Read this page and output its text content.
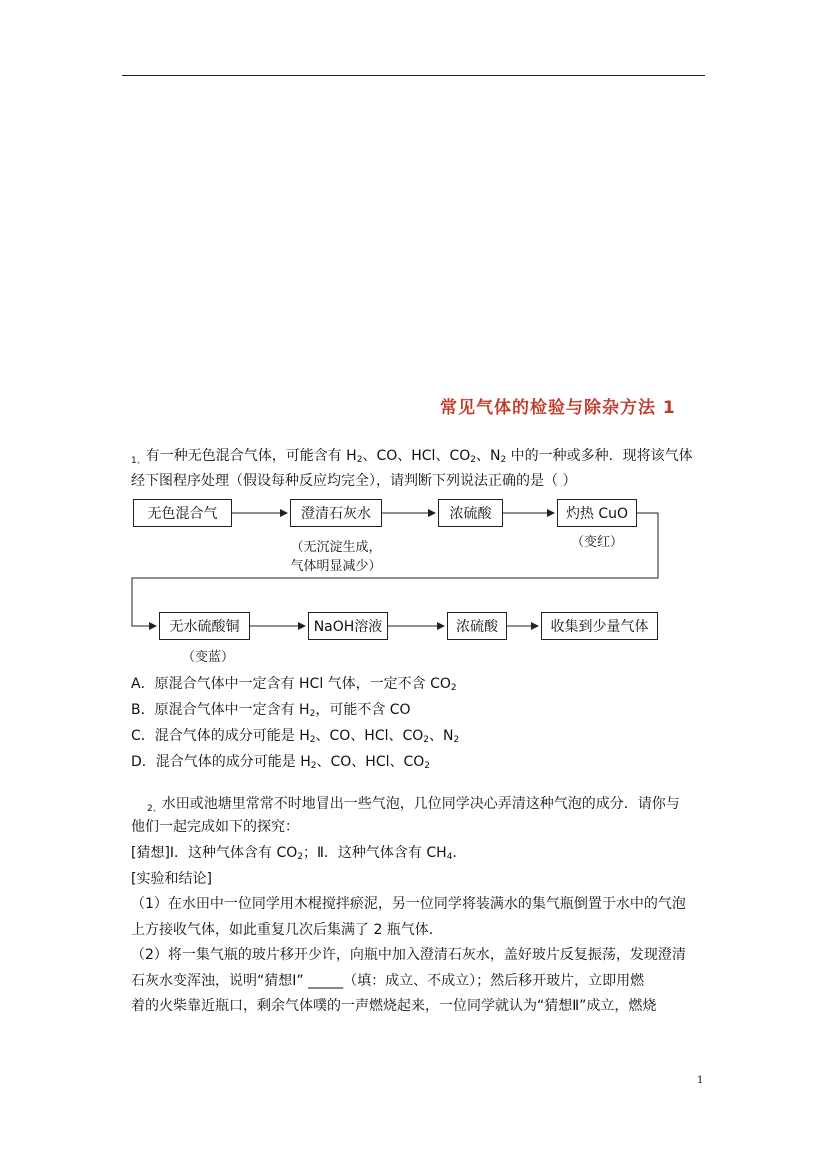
常见气体的检验与除杂方法 1
$_{1、}$有一种无色混合气体，可能含有 $H_2$、CO、HCl、$CO_2$、$N_2$ 中的一种或多种．现将该气体
经下图程序处理（假设每种反应均完全），请判断下列说法正确的是（ ）
无色混合气	澄清石灰水	浓硫酸	灼热 CuO
（无沉淀生成，
气体明显减少）
（变红）
无水硫酸铜	NaOH溶液	浓硫酸	收集到少量气体
（变蓝）
A．原混合气体中一定含有 HCl 气体，一定不含 $CO_2$
B．原混合气体中一定含有 $H_2$，可能不含 CO
C．混合气体的成分可能是 $H_2$、CO、HCl、$CO_2$、$N_2$
D．混合气体的成分可能是 $H_2$、CO、HCl、$CO_2$
$_{2、}$水田或池塘里常常不时地冒出一些气泡，几位同学决心弄清这种气泡的成分．请你与
他们一起完成如下的探究：
[猜想]Ⅰ．这种气体含有 $CO_2$；Ⅱ．这种气体含有 $CH_4$．
[实验和结论]
（1）在水田中一位同学用木棍搅拌瘀泥，另一位同学将装满水的集气瓶倒置于水中的气泡
上方接收气体，如此重复几次后集满了 2 瓶气体．
（2）将一集气瓶的玻片移开少许，向瓶中加入澄清石灰水，盖好玻片反复振荡，发现澄清
石灰水变浑浊，说明“猜想Ⅰ” _____（填：成立、不成立）；然后移开玻片，立即用燃
着的火柴靠近瓶口，剩余气体噗的一声燃烧起来，一位同学就认为“猜想Ⅱ”成立，燃烧
1
